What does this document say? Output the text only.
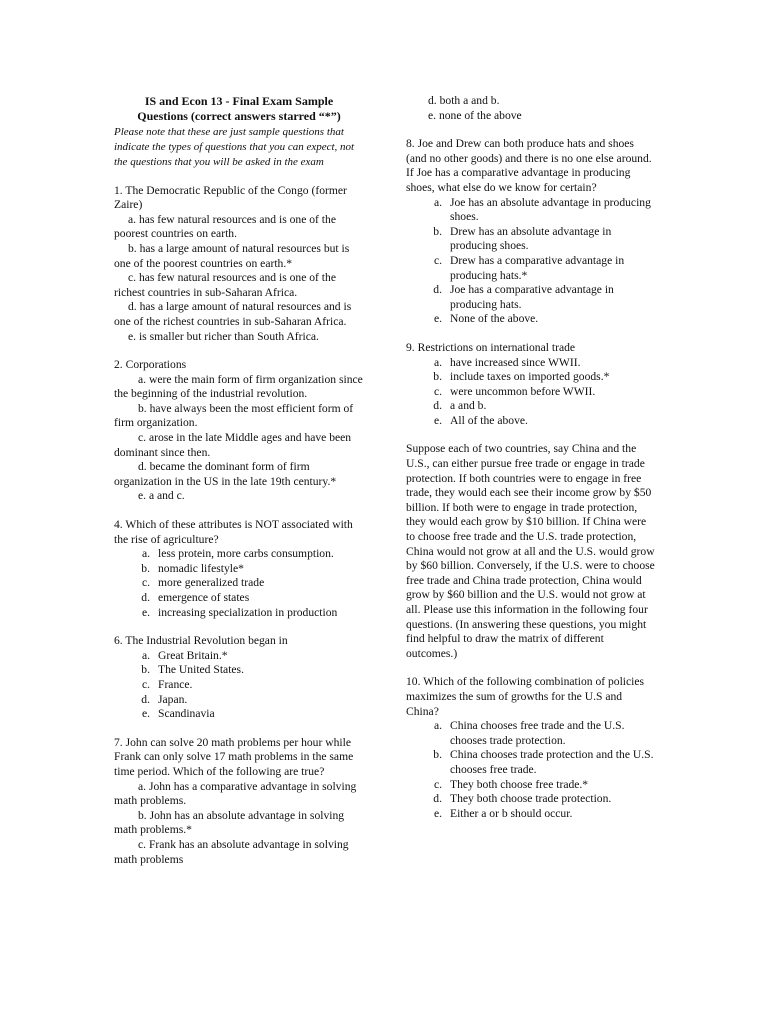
IS and Econ 13 - Final Exam Sample
Questions (correct answers starred “*”)
Please note that these are just sample questions that indicate the types of questions that you can expect, not the questions that you will be asked in the exam
1. The Democratic Republic of the Congo (former Zaire)
a. has few natural resources and is one of the poorest countries on earth.
b. has a large amount of natural resources but is one of the poorest countries on earth.*
c. has few natural resources and is one of the richest countries in sub-Saharan Africa.
d. has a large amount of natural resources and is one of the richest countries in sub-Saharan Africa.
e. is smaller but richer than South Africa.
2. Corporations
a. were the main form of firm organization since the beginning of the industrial revolution.
b. have always been the most efficient form of firm organization.
c. arose in the late Middle ages and have been dominant since then.
d. became the dominant form of firm organization in the US in the late 19th century.*
e. a and c.
4. Which of these attributes is NOT associated with the rise of agriculture?
a. less protein, more carbs consumption.
b. nomadic lifestyle*
c. more generalized trade
d. emergence of states
e. increasing specialization in production
6. The Industrial Revolution began in
a. Great Britain.*
b. The United States.
c. France.
d. Japan.
e. Scandinavia
7. John can solve 20 math problems per hour while Frank can only solve 17 math problems in the same time period. Which of the following are true?
a. John has a comparative advantage in solving math problems.
b. John has an absolute advantage in solving math problems.*
c. Frank has an absolute advantage in solving math problems
d. both a and b.
e. none of the above
8. Joe and Drew can both produce hats and shoes (and no other goods) and there is no one else around. If Joe has a comparative advantage in producing shoes, what else do we know for certain?
a. Joe has an absolute advantage in producing shoes.
b. Drew has an absolute advantage in producing shoes.
c. Drew has a comparative advantage in producing hats.*
d. Joe has a comparative advantage in producing hats.
e. None of the above.
9. Restrictions on international trade
a. have increased since WWII.
b. include taxes on imported goods.*
c. were uncommon before WWII.
d. a and b.
e. All of the above.
Suppose each of two countries, say China and the U.S., can either pursue free trade or engage in trade protection. If both countries were to engage in free trade, they would each see their income grow by $50 billion. If both were to engage in trade protection, they would each grow by $10 billion. If China were to choose free trade and the U.S. trade protection, China would not grow at all and the U.S. would grow by $60 billion. Conversely, if the U.S. were to choose free trade and China trade protection, China would grow by $60 billion and the U.S. would not grow at all. Please use this information in the following four questions. (In answering these questions, you might find helpful to draw the matrix of different outcomes.)
10. Which of the following combination of policies maximizes the sum of growths for the U.S and China?
a. China chooses free trade and the U.S. chooses trade protection.
b. China chooses trade protection and the U.S. chooses free trade.
c. They both choose free trade.*
d. They both choose trade protection.
e. Either a or b should occur.
